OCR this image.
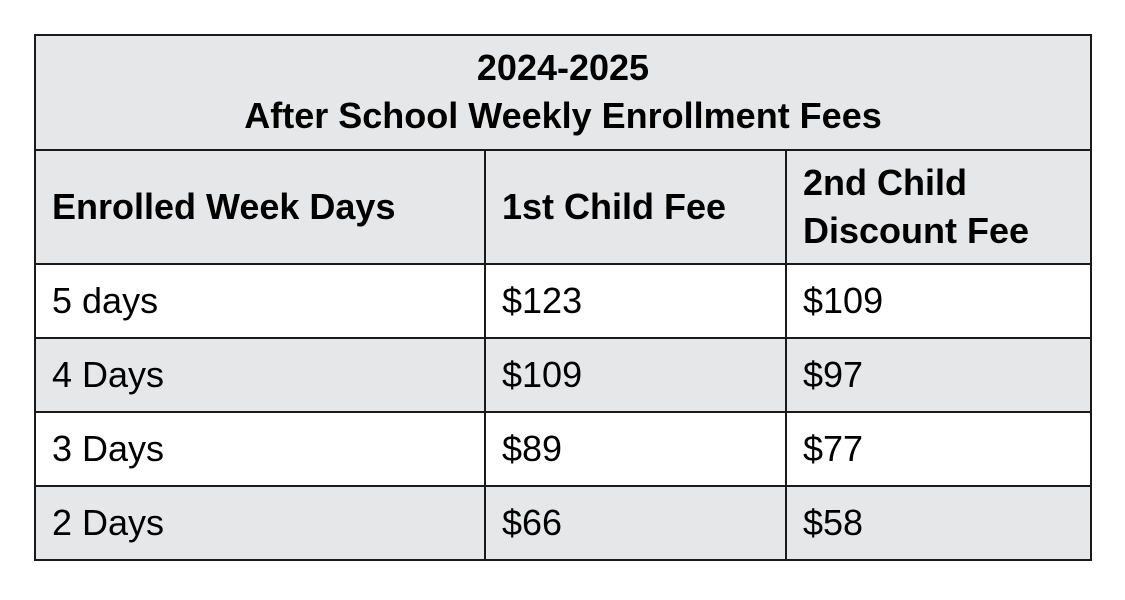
2024-2025
After School Weekly Enrollment Fees		

Enrolled Week Days	1st Child Fee	2nd Child
Discount Fee

5 days	$123	$109
4 Days	$109	$97
3 Days	$89	$77
2 Days	$66	$58
